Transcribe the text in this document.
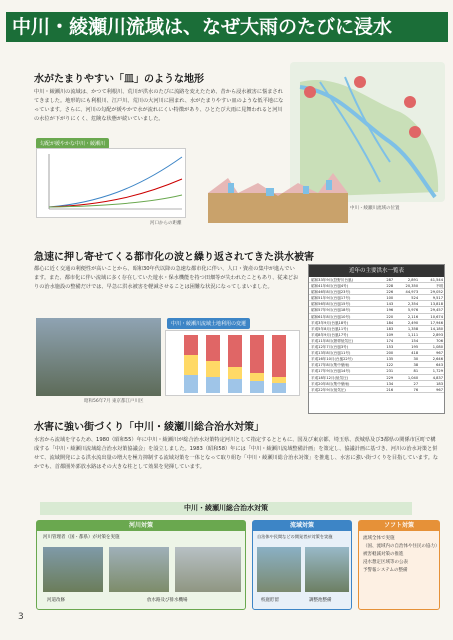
中川・綾瀬川流域は、なぜ大雨のたびに浸水
水がたまりやすい「皿」のような地形
中川・綾瀬川の流域は、かつて利根川、荒川が洪水のたびに流路を変えたため、昔から浸水被害に悩まされてきました。地形的にも利根川、江戸川、荒川の大河川に囲まれ、水がたまりやすい皿のような低平地になっています。さらに、河川の勾配が緩やかで水が流れにくい特徴があり、ひとたび大雨に見舞われると河川の水位が下がりにくく、危険な状態が続いていました。
中川・綾瀬川流域の位置
勾配が緩やかな中川・綾瀬川
河口からの距離
急速に押し寄せてくる都市化の波と繰り返されてきた洪水被害
都心に近く交通の利便性が高いことから、昭和30年代以降の急速な都市化に伴い、人口・資産の集中が進んでいます。また、都市化に伴い流域に多く存在していた遊水・保水機能を持つ田畑等が失われたこともあり、従来どおりの治水施設の整備だけでは、早急に洪水被害を軽減させることは困難な状況になってしまいました。
昭和56年7月 東京都江戸川区
中川・綾瀬川流域土地利用の変遷
近年の主要洪水一覧表
昭和33年9月(狩野川台風)	287	2,891	41,544
昭和41年6月(台風4号)	228	20,350	不明
昭和46年8月(台風23号)	226	44,973	29,052
昭和51年9月(台風17号)	100	524	9,517
昭和56年8月(台風15号)	143	2,354	13,818
昭和57年9月(台風18号)	196	5,976	29,457
昭和61年8月(台風10号)	220	2,116	10,674
平成3年9月(台風18号)	184	2,490	17,946
平成5年8月(台風11号)	183	1,358	14,180
平成8年9月(台風17号)	109	1,111	2,893
平成11年8月(熱帯低気圧)	174	154	706
平成12年7月(台風3号)	153	195	1,080
平成13年8月(台風11号)	200	418	967
平成16年10月(台風22号)	135	30	2,646
平成17年8月(集中豪雨)	122	38	643
平成17年9月(台風14号)	231	81	1,729
平成18年12月(低気圧)	229	1,040	4,837
平成20年8月(集中豪雨)	134	27	183
平成22年9月(低気圧)	216	76	967
水害に強い街づくり「中川・綾瀬川総合治水対策」
水害から流域を守るため、1980（昭和55）年に中川・綾瀬川が総合治水対策特定河川として指定するとともに、国及び東京都、埼玉県、茨城県及び3都県の関係市区町で構成する「中川・綾瀬川流域総合治水対策協議会」を設立しました。1983（昭和58）年には「中川・綾瀬川流域整備計画」を策定し、協議計画に基づき、河川の治水対策と併せて、流域開発による洪水流出量の増大を極力抑制する流域対策を一体となって取り組む「中川・綾瀬川総合治水対策」を推進し、水害に強い街づくりを目指しています。なかでも、首都圏外郭放水路はその大きな柱として効果を発揮しています。
中川・綾瀬川総合治水対策
河川対策
河川管理者（国・都県）が対策を実施
河道改修	放水路及び排水機場
流域対策
自治体や民間などの開発者が対策を実施
校庭貯留	調整池整備
ソフト対策
流域全体で実施
（国、流域内の自治体や住民の協力）
被害軽減対策の推進
浸水想定区域等の公表
予警報システムの整備
3
